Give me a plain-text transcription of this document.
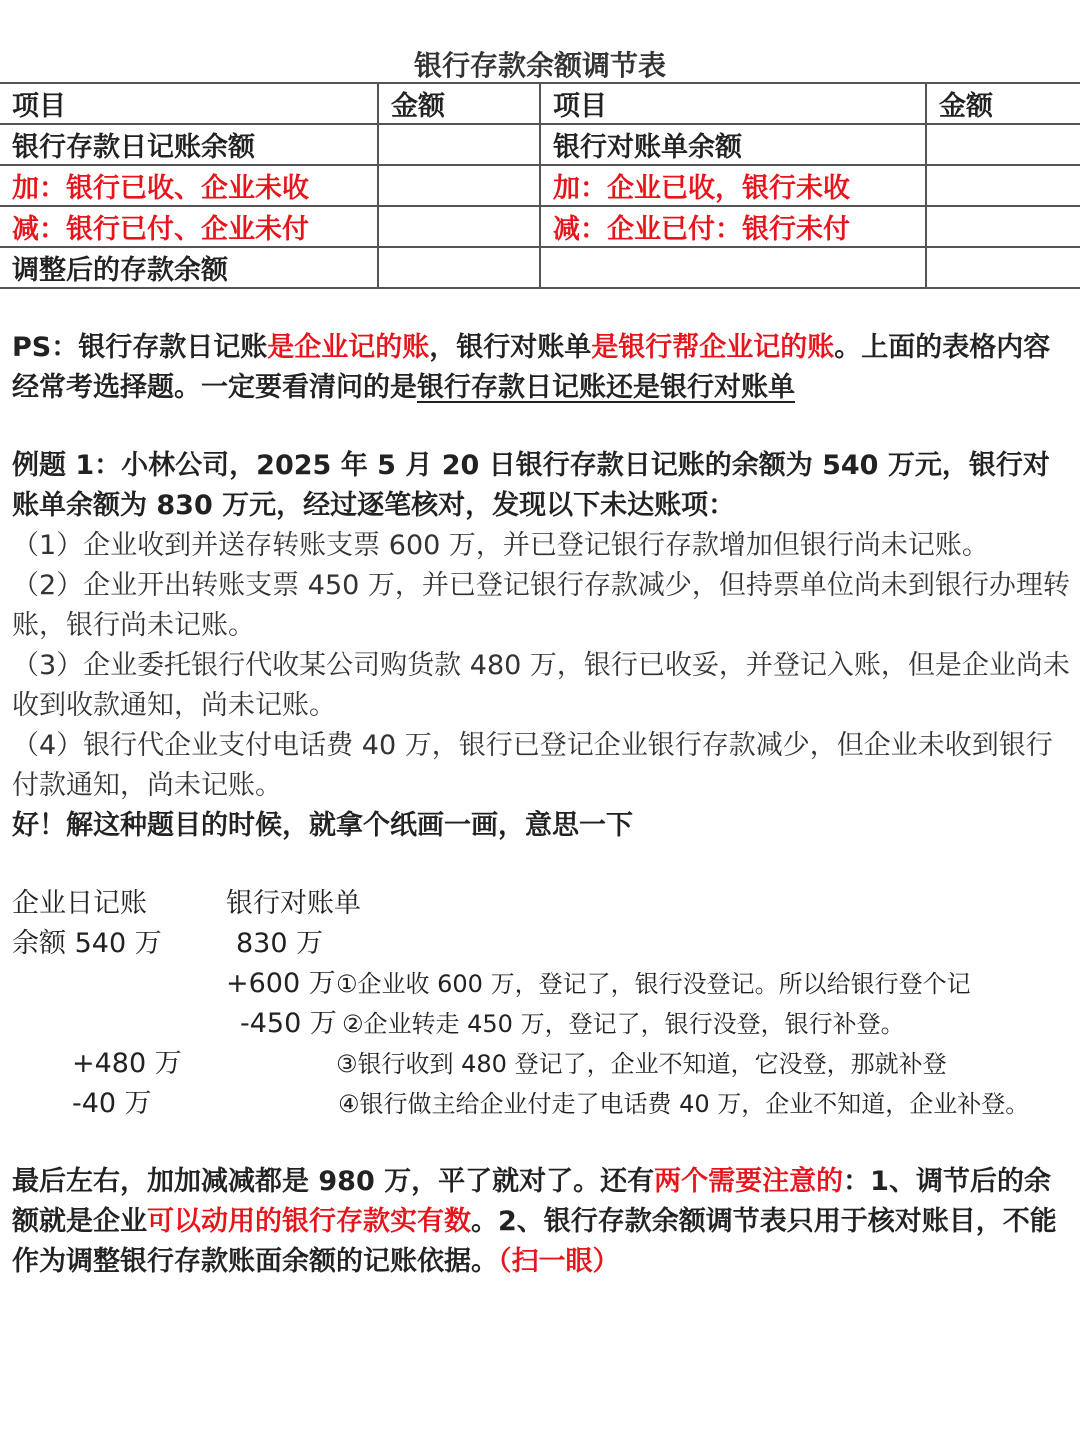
银行存款余额调节表
项目	金额	项目	金额
银行存款日记账余额		银行对账单余额	
加：银行已收、企业未收		加：企业已收，银行未收	
减：银行已付、企业未付		减：企业已付：银行未付	
调整后的存款余额			

PS：银行存款日记账是企业记的账，银行对账单是银行帮企业记的账。上面的表格内容经常考选择题。一定要看清问的是银行存款日记账还是银行对账单

例题 1：小林公司，2025 年 5 月 20 日银行存款日记账的余额为 540 万元，银行对账单余额为 830 万元，经过逐笔核对，发现以下未达账项：

（1）企业收到并送存转账支票 600 万，并已登记银行存款增加但银行尚未记账。

（2）企业开出转账支票 450 万，并已登记银行存款减少，但持票单位尚未到银行办理转账，银行尚未记账。

（3）企业委托银行代收某公司购货款 480 万，银行已收妥，并登记入账，但是企业尚未收到收款通知，尚未记账。

（4）银行代企业支付电话费 40 万，银行已登记企业银行存款减少，但企业未收到银行付款通知，尚未记账。

好！解这种题目的时候，就拿个纸画一画，意思一下

企业日记账	银行对账单
余额 540 万	830 万
+600 万 ①企业收 600 万，登记了，银行没登记。所以给银行登个记
-450 万 ②企业转走 450 万，登记了，银行没登，银行补登。
+480 万	③银行收到 480 登记了，企业不知道，它没登，那就补登
-40 万	④银行做主给企业付走了电话费 40 万，企业不知道，企业补登。

最后左右，加加减减都是 980 万，平了就对了。还有两个需要注意的：1、调节后的余额就是企业可以动用的银行存款实有数。2、银行存款余额调节表只用于核对账目，不能作为调整银行存款账面余额的记账依据。（扫一眼）
